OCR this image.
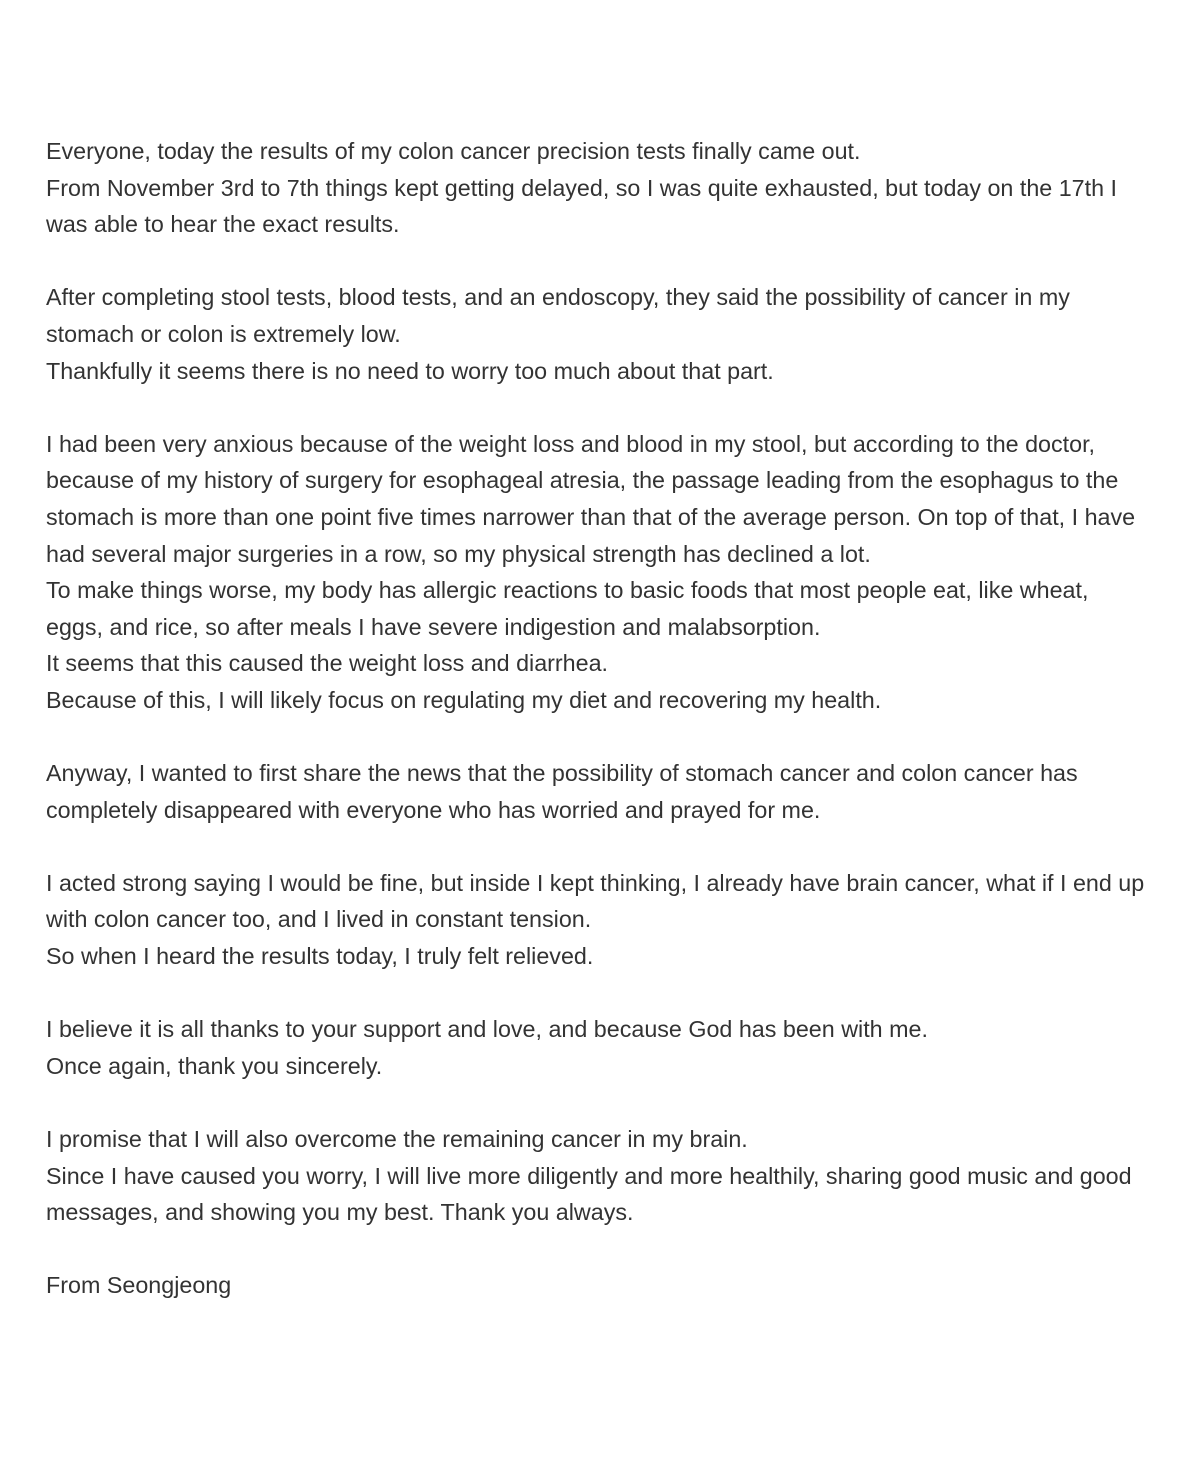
Everyone, today the results of my colon cancer precision tests finally came out.
From November 3rd to 7th things kept getting delayed, so I was quite exhausted, but today on the 17th I was able to hear the exact results.
After completing stool tests, blood tests, and an endoscopy, they said the possibility of cancer in my stomach or colon is extremely low.
Thankfully it seems there is no need to worry too much about that part.
I had been very anxious because of the weight loss and blood in my stool, but according to the doctor, because of my history of surgery for esophageal atresia, the passage leading from the esophagus to the stomach is more than one point five times narrower than that of the average person. On top of that, I have had several major surgeries in a row, so my physical strength has declined a lot.
To make things worse, my body has allergic reactions to basic foods that most people eat, like wheat, eggs, and rice, so after meals I have severe indigestion and malabsorption.
It seems that this caused the weight loss and diarrhea.
Because of this, I will likely focus on regulating my diet and recovering my health.
Anyway, I wanted to first share the news that the possibility of stomach cancer and colon cancer has completely disappeared with everyone who has worried and prayed for me.
I acted strong saying I would be fine, but inside I kept thinking, I already have brain cancer, what if I end up with colon cancer too, and I lived in constant tension.
So when I heard the results today, I truly felt relieved.
I believe it is all thanks to your support and love, and because God has been with me.
Once again, thank you sincerely.
I promise that I will also overcome the remaining cancer in my brain.
Since I have caused you worry, I will live more diligently and more healthily, sharing good music and good messages, and showing you my best. Thank you always.

From Seongjeong
